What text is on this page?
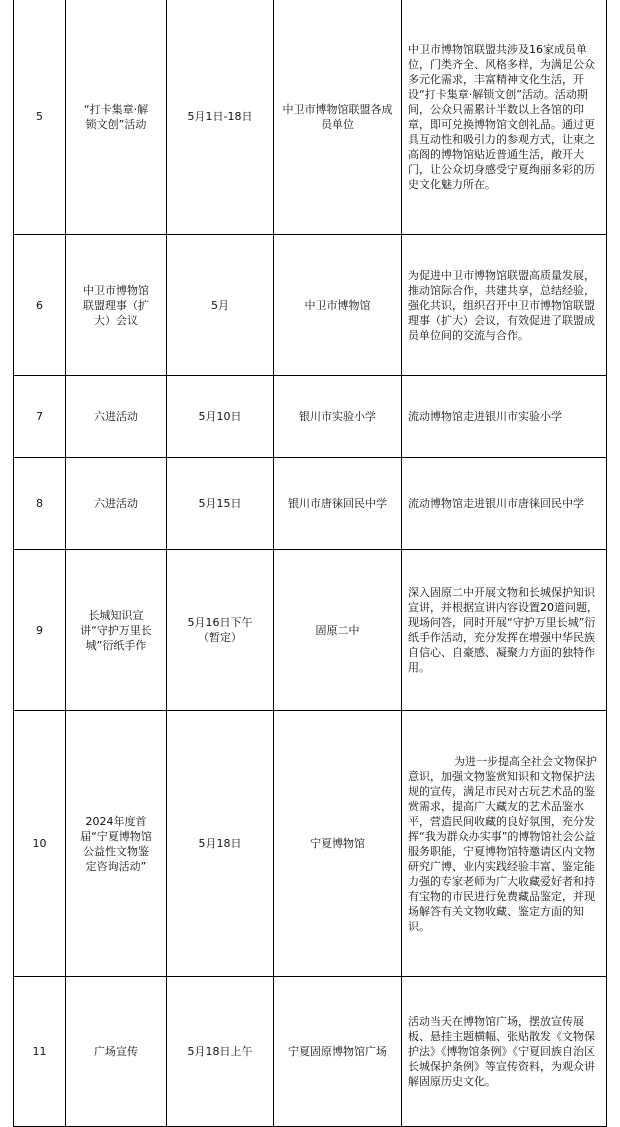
5	“打卡集章·解锁文创”活动	5月1日-18日	中卫市博物馆联盟各成员单位	中卫市博物馆联盟共涉及16家成员单位，门类齐全、风格多样，为满足公众多元化需求，丰富精神文化生活，开设“打卡集章·解锁文创”活动。活动期间，公众只需累计半数以上各馆的印章，即可兑换博物馆文创礼品。通过更具互动性和吸引力的参观方式，让束之高阁的博物馆贴近普通生活，敞开大门，让公众切身感受宁夏绚丽多彩的历史文化魅力所在。
6	中卫市博物馆联盟理事（扩大）会议	5月	中卫市博物馆	为促进中卫市博物馆联盟高质量发展，推动馆际合作，共建共享，总结经验，强化共识，组织召开中卫市博物馆联盟理事（扩大）会议，有效促进了联盟成员单位间的交流与合作。
7	六进活动	5月10日	银川市实验小学	流动博物馆走进银川市实验小学
8	六进活动	5月15日	银川市唐徕回民中学	流动博物馆走进银川市唐徕回民中学
9	长城知识宣讲“守护万里长城”衍纸手作	5月16日下午（暂定）	固原二中	深入固原二中开展文物和长城保护知识宣讲，并根据宣讲内容设置20道问题，现场问答，同时开展“守护万里长城”衍纸手作活动，充分发挥在增强中华民族自信心、自豪感、凝聚力方面的独特作用。
10	2024年度首届“宁夏博物馆公益性文物鉴定咨询活动”	5月18日	宁夏博物馆	为进一步提高全社会文物保护意识，加强文物鉴赏知识和文物保护法规的宣传，满足市民对古玩艺术品的鉴赏需求，提高广大藏友的艺术品鉴水平，营造民间收藏的良好氛围，充分发挥“我为群众办实事”的博物馆社会公益服务职能，宁夏博物馆特邀请区内文物研究广博、业内实践经验丰富、鉴定能力强的专家老师为广大收藏爱好者和持有宝物的市民进行免费藏品鉴定，并现场解答有关文物收藏、鉴定方面的知识。
11	广场宣传	5月18日上午	宁夏固原博物馆广场	活动当天在博物馆广场，摆放宣传展板、悬挂主题横幅、张贴散发《文物保护法》《博物馆条例》《宁夏回族自治区长城保护条例》等宣传资料，为观众讲解固原历史文化。
